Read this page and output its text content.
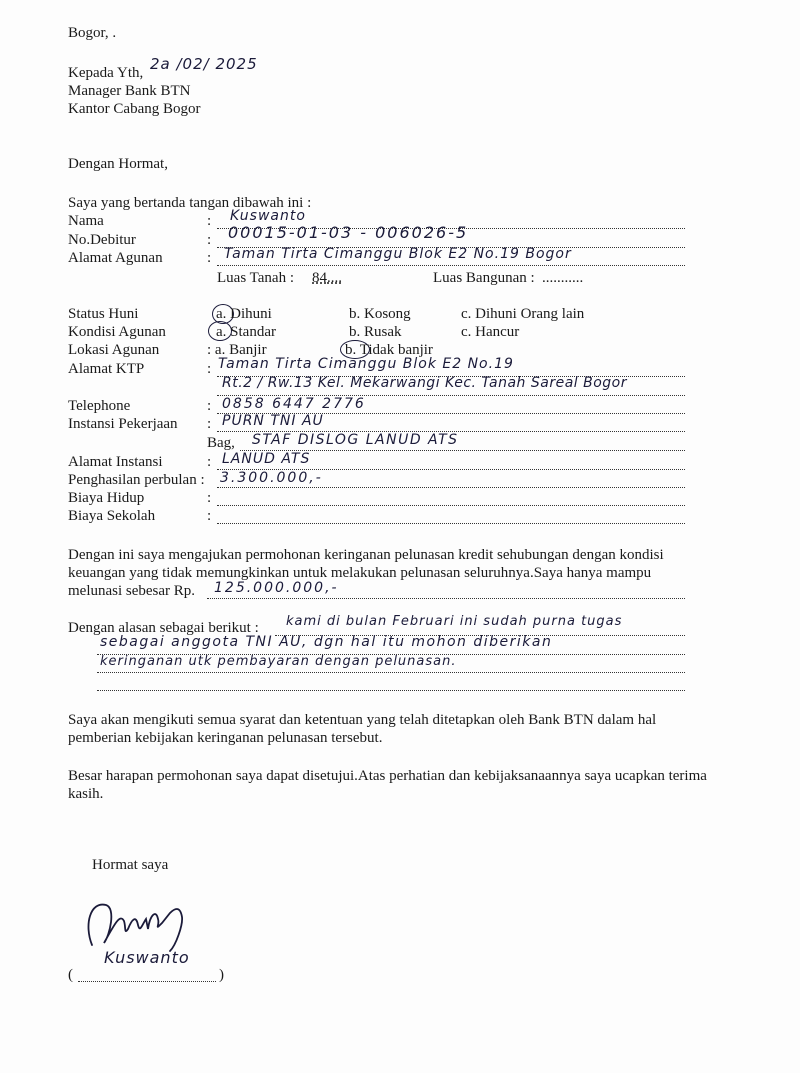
Bogor, .
Kepada Yth, 2a /02/ 2025
Manager Bank BTN
Kantor Cabang Bogor
Dengan Hormat,
Saya yang bertanda tangan dibawah ini :
Nama	: Kuswanto
No.Debitur	: 00015-01-03 - 006026-5
Alamat Agunan	: Taman Tirta Cimanggu Blok E2 No.19 Bogor
Luas Tanah : 84....	Luas Bangunan : ...........
Status Huni	a. Dihuni	b. Kosong	c. Dihuni Orang lain
Kondisi Agunan	a. Standar	b. Rusak	c. Hancur
Lokasi Agunan	: a. Banjir	b. Tidak banjir
Alamat KTP	: Taman Tirta Cimanggu Blok E2 No.19
Rt.2 / Rw.13 Kel. Mekarwangi Kec. Tanah Sareal Bogor
Telephone	: 0858 6447 2776
Instansi Pekerjaan : PURN TNI AU
Bag, STAF DISLOG LANUD ATS
Alamat Instansi	: LANUD ATS
Penghasilan perbulan : 3.300.000,-
Biaya Hidup	:
Biaya Sekolah	:
Dengan ini saya mengajukan permohonan keringanan pelunasan kredit sehubungan dengan kondisi keuangan yang tidak memungkinkan untuk melakukan pelunasan seluruhnya.Saya hanya mampu
melunasi sebesar Rp. 125.000.000,-
Dengan alasan sebagai berikut : kami di bulan Februari ini sudah purna tugas
sebagai anggota TNI AU, dgn hal itu mohon diberikan
keringanan utk pembayaran dengan pelunasan.
Saya akan mengikuti semua syarat dan ketentuan yang telah ditetapkan oleh Bank BTN dalam hal pemberian kebijakan keringanan pelunasan tersebut.
Besar harapan permohonan saya dapat disetujui.Atas perhatian dan kebijaksanaannya saya ucapkan terima kasih.
Hormat saya
Kuswanto
(	)
